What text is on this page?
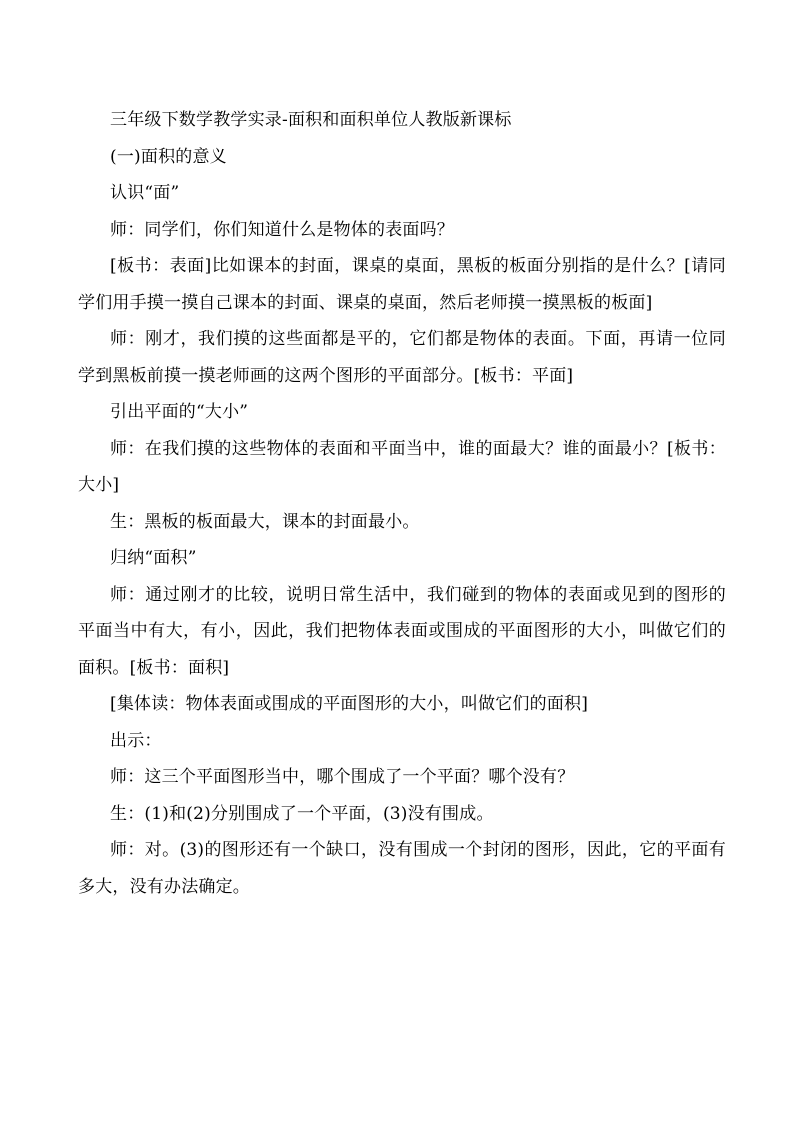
三年级下数学教学实录-面积和面积单位人教版新课标

(一)面积的意义

认识“面”

师：同学们，你们知道什么是物体的表面吗？

[板书：表面]比如课本的封面，课桌的桌面，黑板的板面分别指的是什么？[请同学们用手摸一摸自己课本的封面、课桌的桌面，然后老师摸一摸黑板的板面]

师：刚才，我们摸的这些面都是平的，它们都是物体的表面。下面，再请一位同学到黑板前摸一摸老师画的这两个图形的平面部分。[板书：平面]

引出平面的“大小”

师：在我们摸的这些物体的表面和平面当中，谁的面最大？谁的面最小？[板书：大小]

生：黑板的板面最大，课本的封面最小。

归纳“面积”

师：通过刚才的比较，说明日常生活中，我们碰到的物体的表面或见到的图形的平面当中有大，有小，因此，我们把物体表面或围成的平面图形的大小，叫做它们的面积。[板书：面积]

[集体读：物体表面或围成的平面图形的大小，叫做它们的面积]

出示：

师：这三个平面图形当中，哪个围成了一个平面？哪个没有？

生：(1)和(2)分别围成了一个平面，(3)没有围成。

师：对。(3)的图形还有一个缺口，没有围成一个封闭的图形，因此，它的平面有多大，没有办法确定。
